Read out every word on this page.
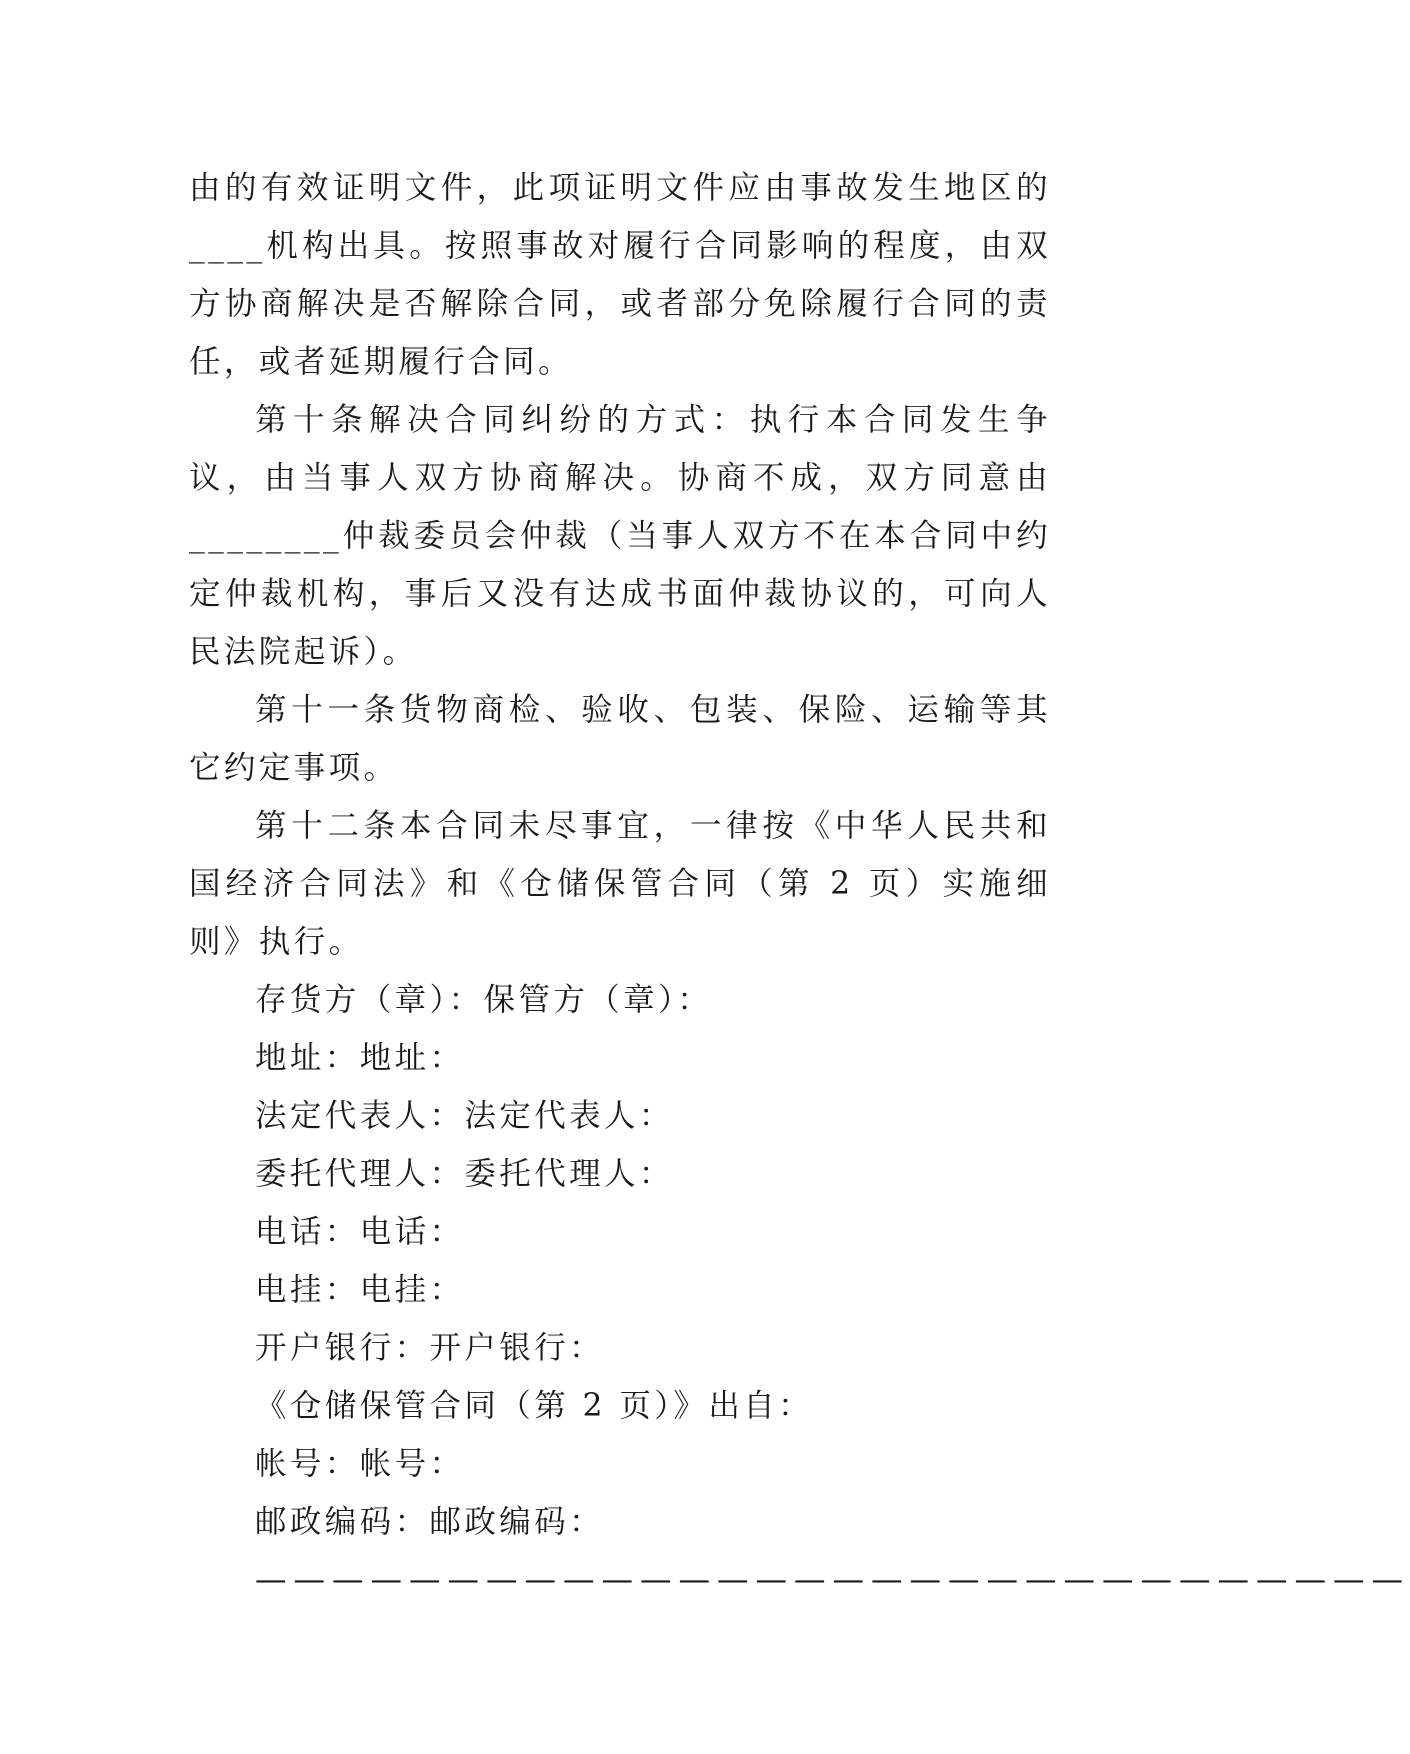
由的有效证明文件，此项证明文件应由事故发生地区的____机构出具。按照事故对履行合同影响的程度，由双方协商解决是否解除合同，或者部分免除履行合同的责任，或者延期履行合同。

第十条解决合同纠纷的方式：执行本合同发生争议，由当事人双方协商解决。协商不成，双方同意由________仲裁委员会仲裁（当事人双方不在本合同中约定仲裁机构，事后又没有达成书面仲裁协议的，可向人民法院起诉）。

第十一条货物商检、验收、包装、保险、运输等其它约定事项。

第十二条本合同未尽事宜，一律按《中华人民共和国经济合同法》和《仓储保管合同（第 2 页）实施细则》执行。

存货方（章）：保管方（章）：

地址：地址：

法定代表人：法定代表人：

委托代理人：委托代理人：

电话：电话：

电挂：电挂：

开户银行：开户银行：

《仓储保管合同（第 2 页）》出自：

帐号：帐号：

邮政编码：邮政编码：

——————————————————————————————
